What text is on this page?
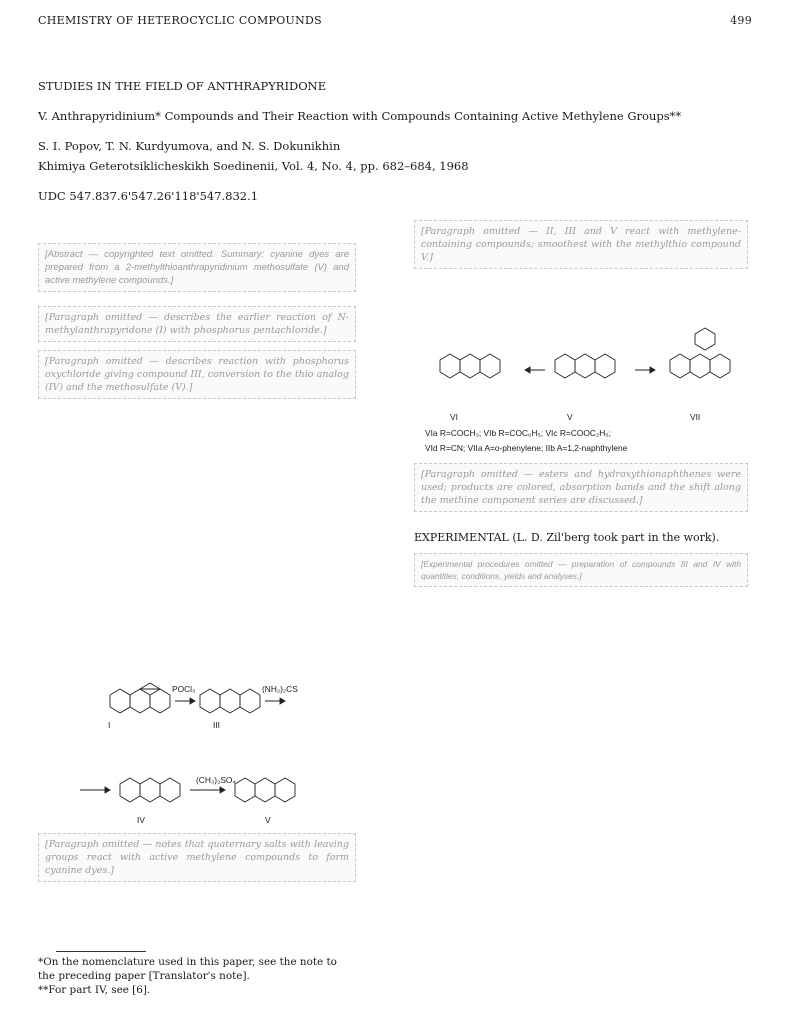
CHEMISTRY OF HETEROCYCLIC COMPOUNDS	499
STUDIES IN THE FIELD OF ANTHRAPYRIDONE
V. Anthrapyridinium* Compounds and Their Reaction with Compounds Containing Active Methylene Groups**
S. I. Popov, T. N. Kurdyumova, and N. S. Dokunikhin
Khimiya Geterotsiklicheskikh Soedinenii, Vol. 4, No. 4, pp. 682–684, 1968
UDC 547.837.6'547.26'118'547.832.1

[Abstract — copyrighted text omitted. Summary: cyanine dyes are prepared from a 2-methylthioanthrapyridinium methosulfate (V) and active methylene compounds.]

[Paragraph omitted — describes the earlier reaction of N-methylanthrapyridone (I) with phosphorus pentachloride.]

[Paragraph omitted — describes reaction with phosphorus oxychloride giving compound III, conversion to the thio analog (IV) and the methosulfate (V).]

I	III
POCl₃	(NH₂)₂CS
IV	V
(CH₃)₂SO₄

[Paragraph omitted — notes that quaternary salts with leaving groups react with active methylene compounds to form cyanine dyes.]

*On the nomenclature used in this paper, see the note to the preceding paper [Translator's note].
**For part IV, see [6].

[Paragraph omitted — II, III and V react with methylene-containing compounds; smoothest with the methylthio compound V.]

VI	V	VII
VIa R=COCH₃; VIb R=COC₆H₅; VIc R=COOC₂H₅;
VId R=CN; VIIa A=o-phenylene; IIb A=1,2-naphthylene

[Paragraph omitted — esters and hydroxythionaphthenes were used; products are colored, absorption bands and the shift along the methine component series are discussed.]

EXPERIMENTAL (L. D. Zil'berg took part in the work).

[Experimental procedures omitted — preparation of compounds III and IV with quantities, conditions, yields and analyses.]
